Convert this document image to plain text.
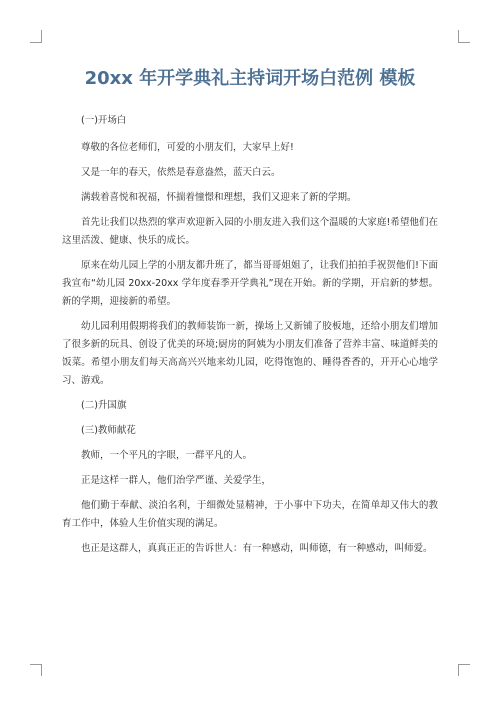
20xx 年开学典礼主持词开场白范例 模板

(一)开场白

尊敬的各位老师们，可爱的小朋友们，大家早上好!

又是一年的春天，依然是春意盎然，蓝天白云。

满载着喜悦和祝福，怀揣着憧憬和理想，我们又迎来了新的学期。

首先让我们以热烈的掌声欢迎新入园的小朋友进入我们这个温暖的大家庭!希望他们在这里活泼、健康、快乐的成长。

原来在幼儿园上学的小朋友都升班了，都当哥哥姐姐了，让我们拍拍手祝贺他们!下面我宣布“幼儿园 20xx-20xx 学年度春季开学典礼”现在开始。新的学期，开启新的梦想。新的学期，迎接新的希望。

幼儿园利用假期将我们的教师装饰一新，操场上又新铺了胶板地，还给小朋友们增加了很多新的玩具、创设了优美的环境;厨房的阿姨为小朋友们准备了营养丰富、味道鲜美的饭菜。希望小朋友们每天高高兴兴地来幼儿园，吃得饱饱的、睡得香香的，开开心心地学习、游戏。

(二)升国旗

(三)教师献花

教师，一个平凡的字眼，一群平凡的人。

正是这样一群人，他们治学严谨、关爱学生，

他们勤于奉献、淡泊名利，于细微处显精神，于小事中下功夫，在简单却又伟大的教育工作中，体验人生价值实现的满足。

也正是这群人，真真正正的告诉世人：有一种感动，叫师德，有一种感动，叫师爱。
